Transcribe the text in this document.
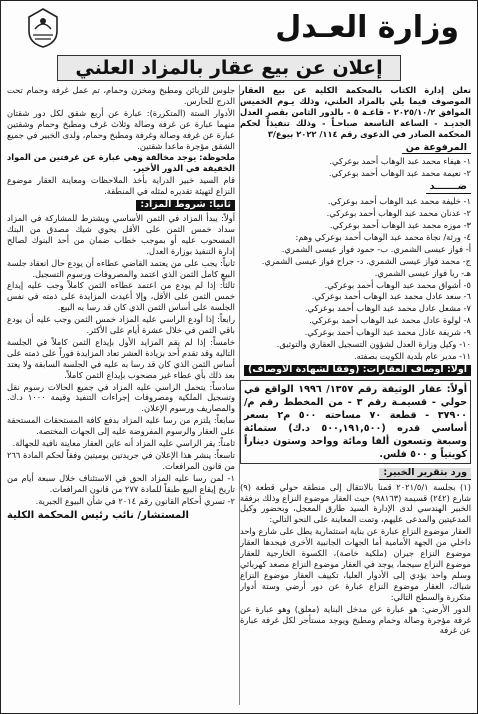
وزارة العـدل
إعلان عن بيع عقار بالمزاد العلني

تعلن إدارة الكتاب بالمحكمة الكلية عن بيع العقار الموصوف فيما يلي بالمزاد العلني، وذلك يـوم الخميس الموافق ٢٠٢٥/١٠/٢ - قاعـة ٥ - بالدور الثامن بقصر العدل الجديـد - الساعة التاسعة صباحـاً - وذلك تنفيذاً لحكم المحكمة الصادر في الدعوى رقم ١١٤/ ٢٠٢٢ بيوع/٣

المرفوعة من
١- هيفاء محمد عبد الوهاب أحمد بوعركي.
٢- نعيمة محمد عبد الوهاب أحمد بوعركي.
ضـــــــد
١- خليفة محمد عبد الوهاب أحمد بوعركي.
٢- عدنان محمد عبد الوهاب أحمد بوعركي.
٣- موزه محمد عبد الوهاب أحمد بوعركي.
٤- ورثة/ نجاة محمد عبد الوهاب أحمد بوعركي وهم:
أ- فواز عيسى الشمري. ب- حمود فواز عيسى الشمري.
ج- محمد فواز عيسى الشمري. د- جراح فواز عيسى الشمري.
هـ- ريا فواز عيسى الشمري.
٥- أشواق محمد عبد الوهاب أحمد بوعركي.
٦- سعد عادل محمد عبد الوهاب أحمد بوعركي.
٧- مشعل عادل محمد عبد الوهاب أحمد بوعركي.
٨- لولوة عادل محمد عبد الوهاب أحمد بوعركي.
٩- شريفة عادل محمد عبد الوهاب أحمد بوعركي.
١٠- وكيل وزارة العدل لشؤون التسجيل العقاري والتوثيق.
١١- مدير عام بلدية الكويت بصفته.
أولاً: أوصاف العقارات: (وفقاً لشهادة الأوصاف)
أولاً: عقار الوثيقة رقم ١٣٥٧/ ١٩٩٦ الواقع في حولي - قسيمـة رقم ٣ - من المخطط رقم م/ ٣٧٩٠٠ - قطعة ٧٠ مساحته ٥٠٠ م٢ بسعر أساسي قدره (٥٠٠,١٩١,٥٠٠ د.ك) ستمائة وسبعة وتسعون ألفا ومائة وواحد وستون ديناراً كويتياً و ٥٠٠ فلس.
ورد بتقرير الخبير:

(١) بجلسة ٢٠٢١/٥/١ قمنا بالانتقال إلى منطقة حولي قطعة (٩) شارع (٢٤٢) قسيمة (٩٨١٦٣) حيث العقار موضوع النزاع وذلك برفقة الخبير الهندسي لدى الإدارة السيد طارق المعجل، وبحضور وكيل المدعيتين والمدعى عليهم، وتمت المعاينة على النحو التالي:

العقار موضوع النزاع عبارة عن بناية استثمارية يطل على شارع واحد داخلي من الجهة الأمامية أما الجهات الجانبية الأخرى فيحدها العقار موضوع النزاع جيران (ملكية خاصة)، الكسوة الخارجية للعقار موضوع النزاع سيجما، يوجد في العقار موضوع النزاع مصعد كهربائي وسلم واحد يؤدي إلى الأدوار العليا، تكييف العقار موضوع النزاع شباك، العقار موضوع النزاع عبارة عن دور أرضي وستة أدوار متكررة والسطح التالي:

الدور الأرضي: هو عبارة عن مدخل البناية (معلق) وهو عبارة عن غرفة مؤجرة وصالة وحمام ومطبخ ويوجد مستأجر لكل غرفة عبارة عن غرفة

جلوس للزبائن ومطبخ ومخزن وحمام، تم عمل غرفة وحمام تحت الدرج للحارس.

الأدوار الستة (المتكررة): عبارة عن أربع شقق لكل دور شقتان منهما عبارة عن غرفة وصالة وثلاث غرف ومطبخ وحمام وشقتين عبارة عن غرفة وصالة وغرفة ومطبخ وحمام، ولدى الخبير في جميع الشقق مؤجرة ماعدا شقتين.

ملحوظة: يوجد مخالفة وهي عبارة عن غرفتين من المواد الخفيفة في الدور الأخير.

قام السيد خبير الدراية بأخذ الملاحظات ومعاينة العقار موضوع النزاع لتهيئة تقديره لمثله في المنطقة.

ثانياً: شروط المزاد:

أولاً: يبدأ المزاد في الثمن الأساسي ويشترط للمشاركة في المزاد سداد خمس الثمن على الأقل يحوي شيك مصدق من البنك المسحوب عليه أو بموجب خطاب ضمان من أحد البنوك لصالح إدارة التنفيذ بوزارة العدل.

ثانياً: يجب على من يعتمد القاضي عطاءه أن يودع حال انعقاد جلسة البيع كامل الثمن الذي اعتمد والمصروفات ورسوم التسجيل.

ثالثاً: إذا لم يودع من اعتمد عطاءه الثمن كاملاً وجب عليه إيداع خمس الثمن على الأقل، وإلا أعيدت المزايدة على ذمته في نفس الجلسة على أساس الثمن الذي كان قد رسا به البيع.

رابعاً: إذا أودع الراسي عليه المزاد خمس الثمن وجب عليه أن يودع باقي الثمن في خلال عشرة أيام على الأكثر.

خامساً: إذا لم يقم المزايد الأول بإيداع الثمن كاملاً في الجلسة التالية وقد تقدم أحد بزيادة العشر تعاد المزايدة فوراً على ذمته على أساس الثمن الذي كان قد رسا به عليه في الجلسة السابقة ولا يعتد بعد ذلك بأي عطاء غير مصحوب بإيداع الثمن كاملاً.

سادساً: يتحمل الراسي عليه المزاد في جميع الحالات رسوم نقل وتسجيل الملكية ومصروفات إجراءات التنفيذ وقيمة ١٠٠٠ د.ك. والمصاريف ورسوم الإعلان.

سابعاً: يلتزم من رسا عليه المزاد بدفع كافة المستحقات المستحقة على العقار والرسوم المفروضة عليه إلى الجهات المختصة.

ثامناً: يقر الراسي عليه المزاد أنه عاين العقار معاينة نافية للجهالة.

تاسعاً: ينشر هذا الإعلان في جريدتين يوميتين وفقاً لحكم المادة ٢٦٦ من قانون المرافعات.

١- لمن رسا عليه المزاد الحق في الاستئناف خلال سبعة أيام من تاريخ إيقاع البيع طبقاً للمادة ٢٧٧ من قانون المرافعات.

٢- تسري أحكام القانون رقم ٢٠١٤ في شأن البيوع الجبرية.

المستشار/ نائب رئيس المحكمة الكلية
